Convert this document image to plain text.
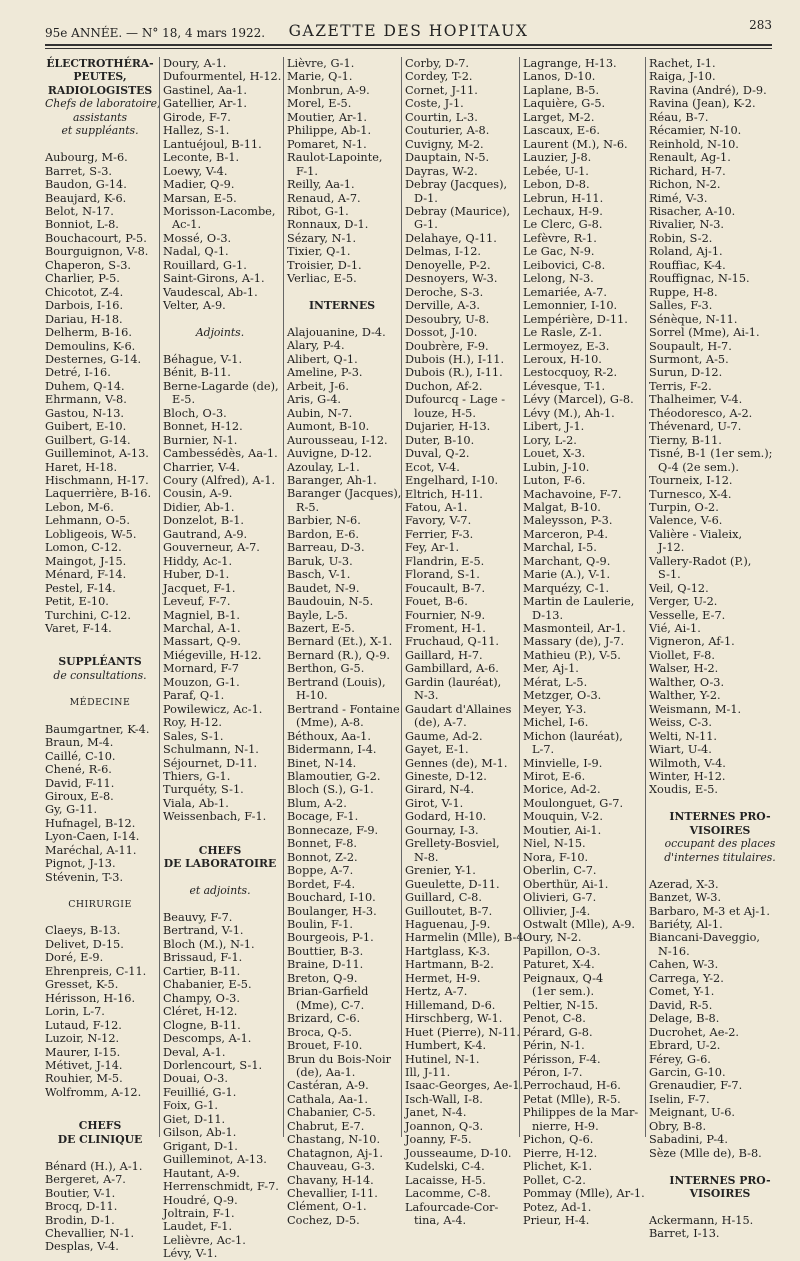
95e ANNÉE. — N° 18, 4 mars 1922.	GAZETTE DES HOPITAUX	283
ÉLECTROTHÉRA-
PEUTES,
RADIOLOGISTES
Chefs de laboratoire,
assistants
et suppléants.
Aubourg, M-6.
Barret, S-3.
Baudon, G-14.
Beaujard, K-6.
Belot, N-17.
Bonniot, L-8.
Bouchacourt, P-5.
Bourguignon, V-8.
Chaperon, S-3.
Charlier, P-5.
Chicotot, Z-4.
Darbois, I-16.
Dariau, H-18.
Delherm, B-16.
Demoulins, K-6.
Desternes, G-14.
Detré, I-16.
Duhem, Q-14.
Ehrmann, V-8.
Gastou, N-13.
Guibert, E-10.
Guilbert, G-14.
Guilleminot, A-13.
Haret, H-18.
Hischmann, H-17.
Laquerrière, B-16.
Lebon, M-6.
Lehmann, O-5.
Lobligeois, W-5.
Lomon, C-12.
Maingot, J-15.
Ménard, F-14.
Pestel, F-14.
Petit, E-10.
Turchini, C-12.
Varet, F-14.
SUPPLÉANTS
de consultations.
MÉDECINE
Baumgartner, K-4.
Braun, M-4.
Caillé, C-10.
Chené, R-6.
David, F-11.
Giroux, E-8.
Gy, G-11.
Hufnagel, B-12.
Lyon-Caen, I-14.
Maréchal, A-11.
Pignot, J-13.
Stévenin, T-3.
CHIRURGIE
Claeys, B-13.
Delivet, D-15.
Doré, E-9.
Ehrenpreis, C-11.
Gresset, K-5.
Hérisson, H-16.
Lorin, L-7.
Lutaud, F-12.
Luzoir, N-12.
Maurer, I-15.
Métivet, J-14.
Rouhier, M-5.
Wolfromm, A-12.
CHEFS
DE CLINIQUE
Bénard (H.), A-1.
Bergeret, A-7.
Boutier, V-1.
Brocq, D-11.
Brodin, D-1.
Chevallier, N-1.
Desplas, V-4.
Doury, A-1.
Dufourmentel, H-12.
Gastinel, Aa-1.
Gatellier, Ar-1.
Girode, F-7.
Hallez, S-1.
Lantuéjoul, B-11.
Leconte, B-1.
Loewy, V-4.
Madier, Q-9.
Marsan, E-5.
Morisson-Lacombe,
Ac-1.
Mossé, O-3.
Nadal, Q-1.
Rouillard, G-1.
Saint-Girons, A-1.
Vaudescal, Ab-1.
Velter, A-9.
Adjoints.
Béhague, V-1.
Bénit, B-11.
Berne-Lagarde (de),
E-5.
Bloch, O-3.
Bonnet, H-12.
Burnier, N-1.
Cambessédès, Aa-1.
Charrier, V-4.
Coury (Alfred), A-1.
Cousin, A-9.
Didier, Ab-1.
Donzelot, B-1.
Gautrand, A-9.
Gouverneur, A-7.
Hiddy, Ac-1.
Huber, D-1.
Jacquet, F-1.
Leveuf, F-7.
Magniel, B-1.
Marchal, A-1.
Massart, Q-9.
Miégeville, H-12.
Mornard, F-7
Mouzon, G-1.
Paraf, Q-1.
Powilewicz, Ac-1.
Roy, H-12.
Sales, S-1.
Schulmann, N-1.
Séjournet, D-11.
Thiers, G-1.
Turquéty, S-1.
Viala, Ab-1.
Weissenbach, F-1.
CHEFS
DE LABORATOIRE
et adjoints.
Beauvy, F-7.
Bertrand, V-1.
Bloch (M.), N-1.
Brissaud, F-1.
Cartier, B-11.
Chabanier, E-5.
Champy, O-3.
Cléret, H-12.
Clogne, B-11.
Descomps, A-1.
Deval, A-1.
Dorlencourt, S-1.
Douai, O-3.
Feuillié, G-1.
Foix, G-1.
Giet, D-11.
Gilson, Ab-1.
Grigant, D-1.
Guilleminot, A-13.
Hautant, A-9.
Herrenschmidt, F-7.
Houdré, Q-9.
Joltrain, F-1.
Laudet, F-1.
Lelièvre, Ac-1.
Lévy, V-1.
Lièvre, G-1.
Marie, Q-1.
Monbrun, A-9.
Morel, E-5.
Moutier, Ar-1.
Philippe, Ab-1.
Pomaret, N-1.
Raulot-Lapointe,
F-1.
Reilly, Aa-1.
Renaud, A-7.
Ribot, G-1.
Ronnaux, D-1.
Sézary, N-1.
Tixier, Q-1.
Troisier, D-1.
Verliac, E-5.
INTERNES
Alajouanine, D-4.
Alary, P-4.
Alibert, Q-1.
Ameline, P-3.
Arbeit, J-6.
Aris, G-4.
Aubin, N-7.
Aumont, B-10.
Aurousseau, I-12.
Auvigne, D-12.
Azoulay, L-1.
Baranger, Ah-1.
Baranger (Jacques),
R-5.
Barbier, N-6.
Bardon, E-6.
Barreau, D-3.
Baruk, U-3.
Basch, V-1.
Baudet, N-9.
Baudouin, N-5.
Bayle, L-5.
Bazert, E-5.
Bernard (Et.), X-1.
Bernard (R.), Q-9.
Berthon, G-5.
Bertrand (Louis),
H-10.
Bertrand - Fontaine
(Mme), A-8.
Béthoux, Aa-1.
Bidermann, I-4.
Binet, N-14.
Blamoutier, G-2.
Bloch (S.), G-1.
Blum, A-2.
Bocage, F-1.
Bonnecaze, F-9.
Bonnet, F-8.
Bonnot, Z-2.
Boppe, A-7.
Bordet, F-4.
Bouchard, I-10.
Boulanger, H-3.
Boulin, F-1.
Bourgeois, P-1.
Bouttier, B-3.
Braine, D-11.
Breton, Q-9.
Brian-Garfield
(Mme), C-7.
Brizard, C-6.
Broca, Q-5.
Brouet, F-10.
Brun du Bois-Noir
(de), Aa-1.
Castéran, A-9.
Cathala, Aa-1.
Chabanier, C-5.
Chabrut, E-7.
Chastang, N-10.
Chatagnon, Aj-1.
Chauveau, G-3.
Chavany, H-14.
Chevallier, I-11.
Clément, O-1.
Cochez, D-5.
Corby, D-7.
Cordey, T-2.
Cornet, J-11.
Coste, J-1.
Courtin, L-3.
Couturier, A-8.
Cuvigny, M-2.
Dauptain, N-5.
Dayras, W-2.
Debray (Jacques),
D-1.
Debray (Maurice),
G-1.
Delahaye, Q-11.
Delmas, I-12.
Denoyelle, P-2.
Desnoyers, W-3.
Deroche, S-3.
Derville, A-3.
Desoubry, U-8.
Dossot, J-10.
Doubrère, F-9.
Dubois (H.), I-11.
Dubois (R.), I-11.
Duchon, Af-2.
Dufourcq - Lage -
louze, H-5.
Dujarier, H-13.
Duter, B-10.
Duval, Q-2.
Ecot, V-4.
Engelhard, I-10.
Eltrich, H-11.
Fatou, A-1.
Favory, V-7.
Ferrier, F-3.
Fey, Ar-1.
Flandrin, E-5.
Florand, S-1.
Foucault, B-7.
Fouet, B-6.
Fournier, N-9.
Froment, H-1.
Fruchaud, Q-11.
Gaillard, H-7.
Gambillard, A-6.
Gardin (lauréat),
N-3.
Gaudart d'Allaines
(de), A-7.
Gaume, Ad-2.
Gayet, E-1.
Gennes (de), M-1.
Gineste, D-12.
Girard, N-4.
Girot, V-1.
Godard, H-10.
Gournay, I-3.
Grellety-Bosviel,
N-8.
Grenier, Y-1.
Gueulette, D-11.
Guillard, C-8.
Guilloutet, B-7.
Haguenau, J-9.
Harmelin (Mlle), B-4.
Hartglass, K-3.
Hartmann, B-2.
Hermet, H-9.
Hertz, A-7.
Hillemand, D-6.
Hirschberg, W-1.
Huet (Pierre), N-11.
Humbert, K-4.
Hutinel, N-1.
Ill, J-11.
Isaac-Georges, Ae-1.
Isch-Wall, I-8.
Janet, N-4.
Joannon, Q-3.
Joanny, F-5.
Jousseaume, D-10.
Kudelski, C-4.
Lacaisse, H-5.
Lacomme, C-8.
Lafourcade-Cor-
tina, A-4.
Lagrange, H-13.
Lanos, D-10.
Laplane, B-5.
Laquière, G-5.
Larget, M-2.
Lascaux, E-6.
Laurent (M.), N-6.
Lauzier, J-8.
Lebée, U-1.
Lebon, D-8.
Lebrun, H-11.
Lechaux, H-9.
Le Clerc, G-8.
Lefèvre, R-1.
Le Gac, N-9.
Leibovici, C-8.
Lelong, N-3.
Lemariée, A-7.
Lemonnier, I-10.
Lempérière, D-11.
Le Rasle, Z-1.
Lermoyez, E-3.
Leroux, H-10.
Lestocquoy, R-2.
Lévesque, T-1.
Lévy (Marcel), G-8.
Lévy (M.), Ah-1.
Libert, J-1.
Lory, L-2.
Louet, X-3.
Lubin, J-10.
Luton, F-6.
Machavoine, F-7.
Malgat, B-10.
Maleysson, P-3.
Marceron, P-4.
Marchal, I-5.
Marchant, Q-9.
Marie (A.), V-1.
Marquézy, C-1.
Martin de Laulerie,
D-13.
Masmonteil, Ar-1.
Massary (de), J-7.
Mathieu (P.), V-5.
Mer, Aj-1.
Mérat, L-5.
Metzger, O-3.
Meyer, Y-3.
Michel, I-6.
Michon (lauréat),
L-7.
Minvielle, I-9.
Mirot, E-6.
Morice, Ad-2.
Moulonguet, G-7.
Mouquin, V-2.
Moutier, Ai-1.
Niel, N-15.
Nora, F-10.
Oberlin, C-7.
Oberthür, Ai-1.
Olivieri, G-7.
Ollivier, J-4.
Ostwalt (Mlle), A-9.
Oury, N-2.
Papillon, O-3.
Paturet, X-4.
Peignaux, Q-4
(1er sem.).
Peltier, N-15.
Penot, C-8.
Pérard, G-8.
Périn, N-1.
Périsson, F-4.
Péron, I-7.
Perrochaud, H-6.
Petat (Mlle), R-5.
Philippes de la Mar-
nierre, H-9.
Pichon, Q-6.
Pierre, H-12.
Plichet, K-1.
Pollet, C-2.
Pommay (Mlle), Ar-1.
Potez, Ad-1.
Prieur, H-4.
Rachet, I-1.
Raiga, J-10.
Ravina (André), D-9.
Ravina (Jean), K-2.
Réau, B-7.
Récamier, N-10.
Reinhold, N-10.
Renault, Ag-1.
Richard, H-7.
Richon, N-2.
Rimé, V-3.
Risacher, A-10.
Rivalier, N-3.
Robin, S-2.
Roland, Aj-1.
Rouffiac, K-4.
Rouffignac, N-15.
Ruppe, H-8.
Salles, F-3.
Sénèque, N-11.
Sorrel (Mme), Ai-1.
Soupault, H-7.
Surmont, A-5.
Surun, D-12.
Terris, F-2.
Thalheimer, V-4.
Théodoresco, A-2.
Thévenard, U-7.
Tierny, B-11.
Tisné, B-1 (1er sem.);
Q-4 (2e sem.).
Tourneix, I-12.
Turnesco, X-4.
Turpin, O-2.
Valence, V-6.
Valière - Vialeix,
J-12.
Vallery-Radot (P.),
S-1.
Veil, Q-12.
Verger, U-2.
Vesselle, E-7.
Vié, Ai-1.
Vigneron, Af-1.
Viollet, F-8.
Walser, H-2.
Walther, O-3.
Walther, Y-2.
Weismann, M-1.
Weiss, C-3.
Welti, N-11.
Wiart, U-4.
Wilmoth, V-4.
Winter, H-12.
Xoudis, E-5.
INTERNES PRO-
VISOIRES
occupant des places
d'internes titulaires.
Azerad, X-3.
Banzet, W-3.
Barbaro, M-3 et Aj-1.
Bariéty, Al-1.
Biancani-Daveggio,
N-16.
Cahen, W-3.
Carrega, Y-2.
Comet, Y-1.
David, R-5.
Delage, B-8.
Ducrohet, Ae-2.
Ebrard, U-2.
Férey, G-6.
Garcin, G-10.
Grenaudier, F-7.
Iselin, F-7.
Meignant, U-6.
Obry, B-8.
Sabadini, P-4.
Sèze (Mlle de), B-8.
INTERNES PRO-
VISOIRES
Ackermann, H-15.
Barret, I-13.
